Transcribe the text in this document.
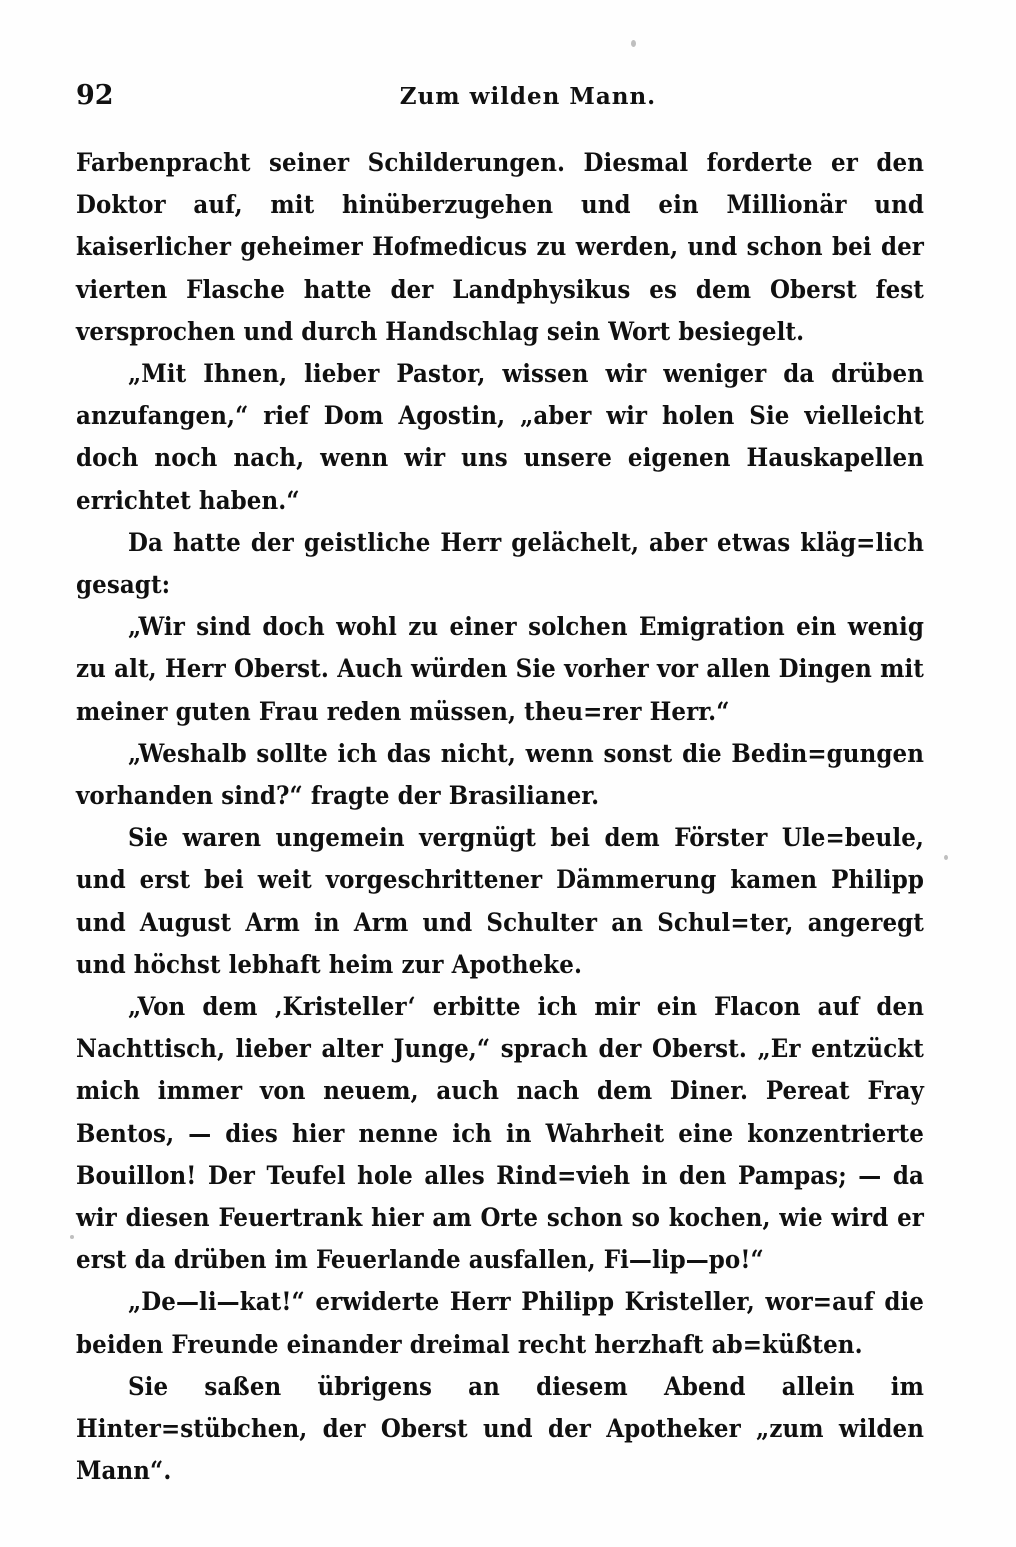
92	Zum wilden Mann.

Farbenpracht seiner Schilderungen. Diesmal forderte er den Doktor auf, mit hinüberzugehen und ein Millionär und kaiserlicher geheimer Hofmedicus zu werden, und schon bei der vierten Flasche hatte der Landphysikus es dem Oberst fest versprochen und durch Handschlag sein Wort besiegelt.

„Mit Ihnen, lieber Pastor, wissen wir weniger da drüben anzufangen,“ rief Dom Agostin, „aber wir holen Sie vielleicht doch noch nach, wenn wir uns unsere eigenen Hauskapellen errichtet haben.“

Da hatte der geistliche Herr gelächelt, aber etwas kläg=lich gesagt:

„Wir sind doch wohl zu einer solchen Emigration ein wenig zu alt, Herr Oberst. Auch würden Sie vorher vor allen Dingen mit meiner guten Frau reden müssen, theu=rer Herr.“

„Weshalb sollte ich das nicht, wenn sonst die Bedin=gungen vorhanden sind?“ fragte der Brasilianer.

Sie waren ungemein vergnügt bei dem Förster Ule=beule, und erst bei weit vorgeschrittener Dämmerung kamen Philipp und August Arm in Arm und Schulter an Schul=ter, angeregt und höchst lebhaft heim zur Apotheke.

„Von dem ‚Kristeller‘ erbitte ich mir ein Flacon auf den Nachttisch, lieber alter Junge,“ sprach der Oberst. „Er entzückt mich immer von neuem, auch nach dem Diner. Pereat Fray Bentos, — dies hier nenne ich in Wahrheit eine konzentrierte Bouillon! Der Teufel hole alles Rind=vieh in den Pampas; — da wir diesen Feuertrank hier am Orte schon so kochen, wie wird er erst da drüben im Feuerlande ausfallen, Fi—lip—po!“

„De—li—kat!“ erwiderte Herr Philipp Kristeller, wor=auf die beiden Freunde einander dreimal recht herzhaft ab=küßten.

Sie saßen übrigens an diesem Abend allein im Hinter=stübchen, der Oberst und der Apotheker „zum wilden Mann“.
